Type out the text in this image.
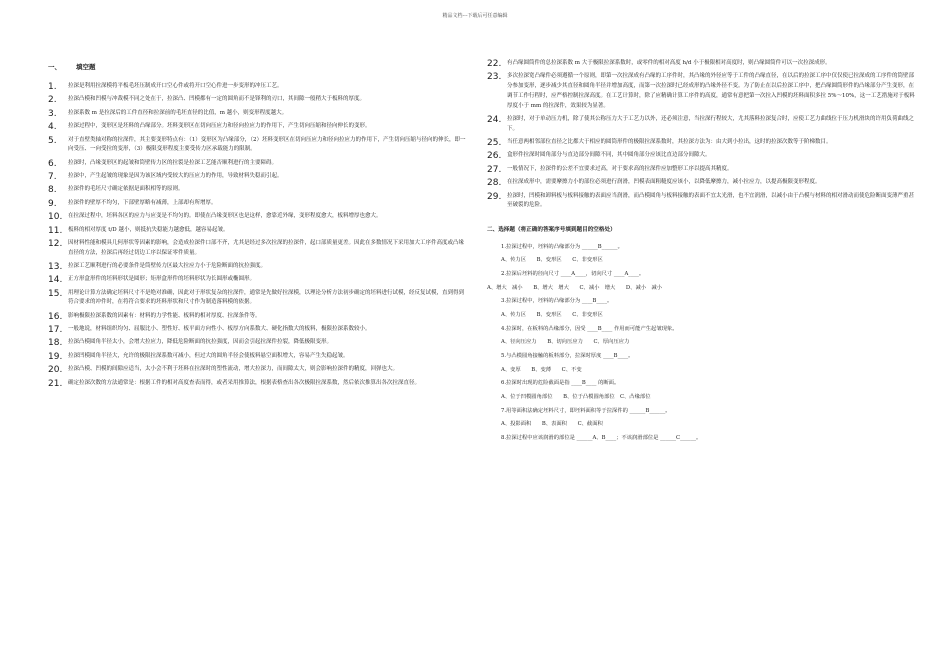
精品文档---下载后可任意编辑
一、	填空题
1.	拉深是利用拉深模将平板毛坯压制成开口空心件或将开口空心件进一步变形的冲压工艺。
2.	拉深凸模和凹模与冲裁模不同之处在于，拉深凸、凹模都有一定的圆角而不是锋利的刃口，其间隙一般稍大于板料的厚度。
3.	拉深系数 m 是拉深后的工件直径和拉深前的毛坯直径的比值，m 越小，则变形程度越大。
4.	拉深过程中，变形区是坯料的凸缘部分。坯料变形区在切向压应力和径向拉应力的作用下，产生切向压缩和径向伸长的变形。
5.	对于直壁类轴对称的拉深件，其主要变形特点有：（1）变形区为凸缘部分，（2）坯料变形区在切向压应力和径向拉应力的作用下，产生切向压缩与径向的伸长，即一向受压、一向受拉的变形，（3）极限变形程度主要受传力区承载能力的限制。
6.	拉深时，凸缘变形区的起皱和筒壁传力区的拉裂是拉深工艺能否顺利进行的主要障碍。
7.	拉深中，产生起皱的现象是因为该区域内受较大的压应力的作用，导致材料失稳而引起。
8.	拉深件的毛坯尺寸确定依据是面积相等的原则。
9.	拉深件的壁厚不均匀，下部壁厚略有减薄，上部却有所增厚。
10.	在拉深过程中，坯料各区的应力与应变是不均匀的。即使在凸缘变形区也是这样，愈靠近外缘，变形程度愈大，板料增厚也愈大。
11.	板料的相对厚度 t/D 越小，则抵抗失稳能力越愈低，越容易起皱。
12.	因材料性能和模具几何形状等因素的影响，会造成拉深件口部不齐，尤其是经过多次拉深的拉深件，起口部质量更差。因此在多数情况下采用加大工序件高度或凸缘直径的方法，拉深后再经过切边工序以保证零件质量。
13.	拉深工艺顺利进行的必要条件是筒壁传力区最大拉应力小于危险断面的抗拉强度。
14.	正方形盒形件的坯料形状是圆形；矩形盒形件的坯料形状为长圆形或椭圆形。
15.	用理论计算方法确定坯料尺寸不是绝对准确，因此对于形状复杂的拉深件，通常是先做好拉深模，以理论分析方法初步确定的坯料进行试模，经反复试模，直到得到符合要求的冲件时，在将符合要求的坯料形状和尺寸作为制造落料模的依据。
16.	影响极限拉深系数的因素有：材料的力学性能、板料的相对厚度、拉深条件等。
17.	一般地说，材料组织均匀、屈服比小、塑性好、板平面方向性小、板厚方向系数大、硬化指数大的板料，极限拉深系数较小。
18.	拉深凸模圆角半径太小，会增大拉应力，降低危险断面的抗拉强度，因而会引起拉深件拉裂，降低极限变形。
19.	拉深凹模圆角半径大，允许的极限拉深系数可减小，但过大的圆角半径会使板料悬空面积增大，容易产生失稳起皱。
20.	拉深凸模、凹模的间隙应适当，太小会不利于坯料在拉深时的塑性流动，增大拉深力，而间隙太大，则会影响拉深件的精度，回弹也大。
21.	确定拉深次数的方法通常是：根据工件的相对高度查表而得，或者采用推算法，根据表格查出各次极限拉深系数，然后依次推算出各次拉深直径。
22.	有凸缘圆筒件的总拉深系数 m 大于极限拉深系数时，或零件的相对高度 h/d 小于极限相对高度时，则凸缘圆筒件可以一次拉深成形。
23.	多次拉深宽凸缘件必须遵循一个原则，即第一次拉深成有凸缘的工序件时，其凸缘的外径应等于工件的凸缘直径，在以后的拉深工序中仅仅使已拉深成的工序件的筒壁部分参加变形，逐步减少其直径和圆角半径并增加高度，而第一次拉深时已经成形的凸缘外径不变。为了防止在以后拉深工序中，把凸缘圆筒形件的凸缘部分产生变形，在调节工作行程时，应严格控制拉深高度。在工艺计算时，除了应精确计算工序件的高度，通常有意把第一次拉入凹模的坯料面积多拉 5%～10%，这一工艺措施对于板料厚度小于 mm 的拉深件，效果较为显著。
24.	拉深时，对于单动压力机，除了使其公称压力大于工艺力以外，还必须注意，当拉深行程较大，尤其落料拉深复合时，应使工艺力曲线位于压力机滑块的许用负荷曲线之下。
25.	当任意两相邻部位直径之比都大于相应的圆筒形件的极限拉深系数时，其拉深方法为：由大到小拉出，这时的拉深次数等于阶梯数目。
26.	盒形件拉深时圆角部分与直边部分间隙不同，其中圆角部分应该比直边部分间隙大。
27.	一般情况下，拉深件的公差不宜要求过高，对于要求高的拉深件应加整形工序以提高其精度。
28.	在拉深成形中，需要摩擦力小的部位必须进行润滑，凹模表面粗糙度应该小，以降低摩擦力，减小拉应力，以提高极限变形程度。
29.	拉深时，凹模和卸料板与板料接触的表面应当润滑，而凸模圆角与板料接触的表面不宜太光滑，也不宜润滑，以减小由于凸模与材料的相对滑动而使危险断面变薄严重甚至破裂的危险。
二、选择题（将正确的答案序号填到题目的空格处）
1.拉深过程中，坯料的凸缘部分为 ______B______。
A、传力区　　B、变形区　　C、非变形区
2.拉深后坯料的径向尺寸 ____A____，切向尺寸 ____A____。
A、增大　减小　　B、增大　增大　　C、减小　增大　　D、减小　减小
3.拉深过程中，坯料的凸缘部分为 ____B____。
A、传力区　　B、变形区　　C、非变形区
4.拉深时，在板料的凸缘部分，因受 ____B____ 作用而可能产生起皱现象。
A、径向压应力　　B、切向压应力　　C、厚向压应力
5.与凸模圆角接触的板料部分，拉深时厚度 ____B____。
A、变厚　　B、变薄　　C、不变
6.拉深时出现的危险截面是指 ____B____ 的断面。
A、位于凹模圆角部位　　B、位于凸模圆角部位　C、凸缘部位
7.用等面积法确定坯料尺寸，即坯料面积等于拉深件的 ______B______。
A、投影面积　　B、表面积　　C、截面积
8.拉深过程中应该润滑的部位是 ______A、B____；不该润滑部位是 ______C______。
